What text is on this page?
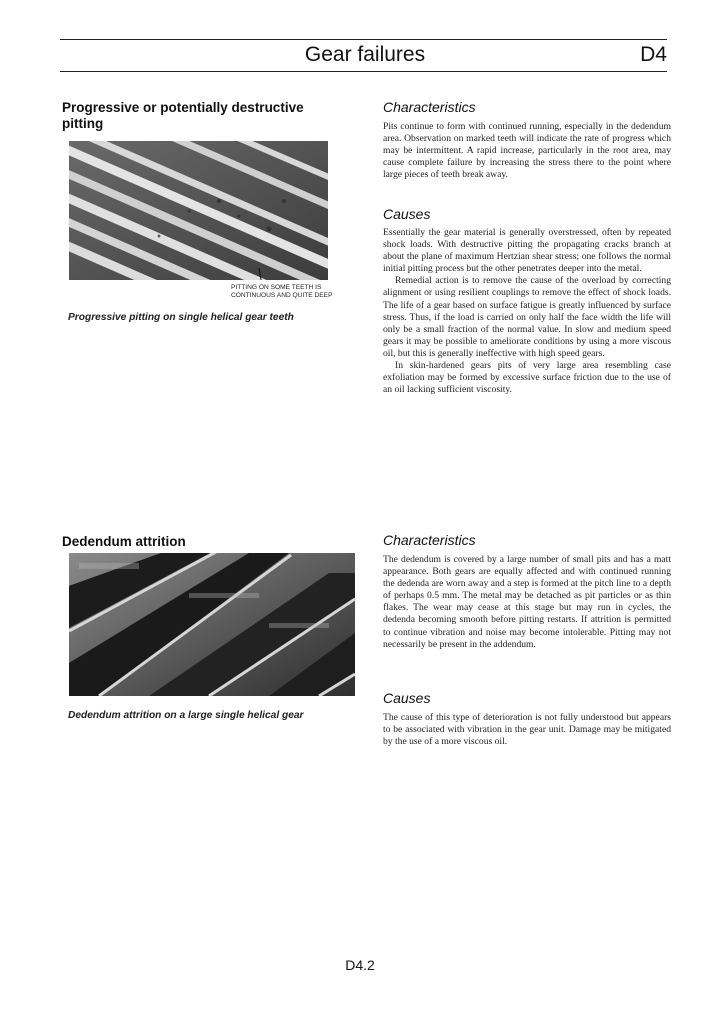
Gear failures	D4
Progressive or potentially destructive pitting
PITTING ON SOME TEETH IS CONTINUOUS AND QUITE DEEP
Progressive pitting on single helical gear teeth
Characteristics

Pits continue to form with continued running, especially in the dedendum area. Observation on marked teeth will indicate the rate of progress which may be intermittent. A rapid increase, particularly in the root area, may cause complete failure by increasing the stress there to the point where large pieces of teeth break away.

Causes

Essentially the gear material is generally overstressed, often by repeated shock loads. With destructive pitting the propagating cracks branch at about the plane of maximum Hertzian shear stress; one follows the normal initial pitting process but the other penetrates deeper into the metal.

Remedial action is to remove the cause of the overload by correcting alignment or using resilient couplings to remove the effect of shock loads. The life of a gear based on surface fatigue is greatly influenced by surface stress. Thus, if the load is carried on only half the face width the life will only be a small fraction of the normal value. In slow and medium speed gears it may be possible to ameliorate conditions by using a more viscous oil, but this is generally ineffective with high speed gears.

In skin-hardened gears pits of very large area resembling case exfoliation may be formed by excessive surface friction due to the use of an oil lacking sufficient viscosity.

Dedendum attrition
Dedendum attrition on a large single helical gear
Characteristics

The dedendum is covered by a large number of small pits and has a matt appearance. Both gears are equally affected and with continued running the dedenda are worn away and a step is formed at the pitch line to a depth of perhaps 0.5 mm. The metal may be detached as pit particles or as thin flakes. The wear may cease at this stage but may run in cycles, the dedenda becoming smooth before pitting restarts. If attrition is permitted to continue vibration and noise may become intolerable. Pitting may not necessarily be present in the addendum.

Causes

The cause of this type of deterioration is not fully understood but appears to be associated with vibration in the gear unit. Damage may be mitigated by the use of a more viscous oil.

D4.2
